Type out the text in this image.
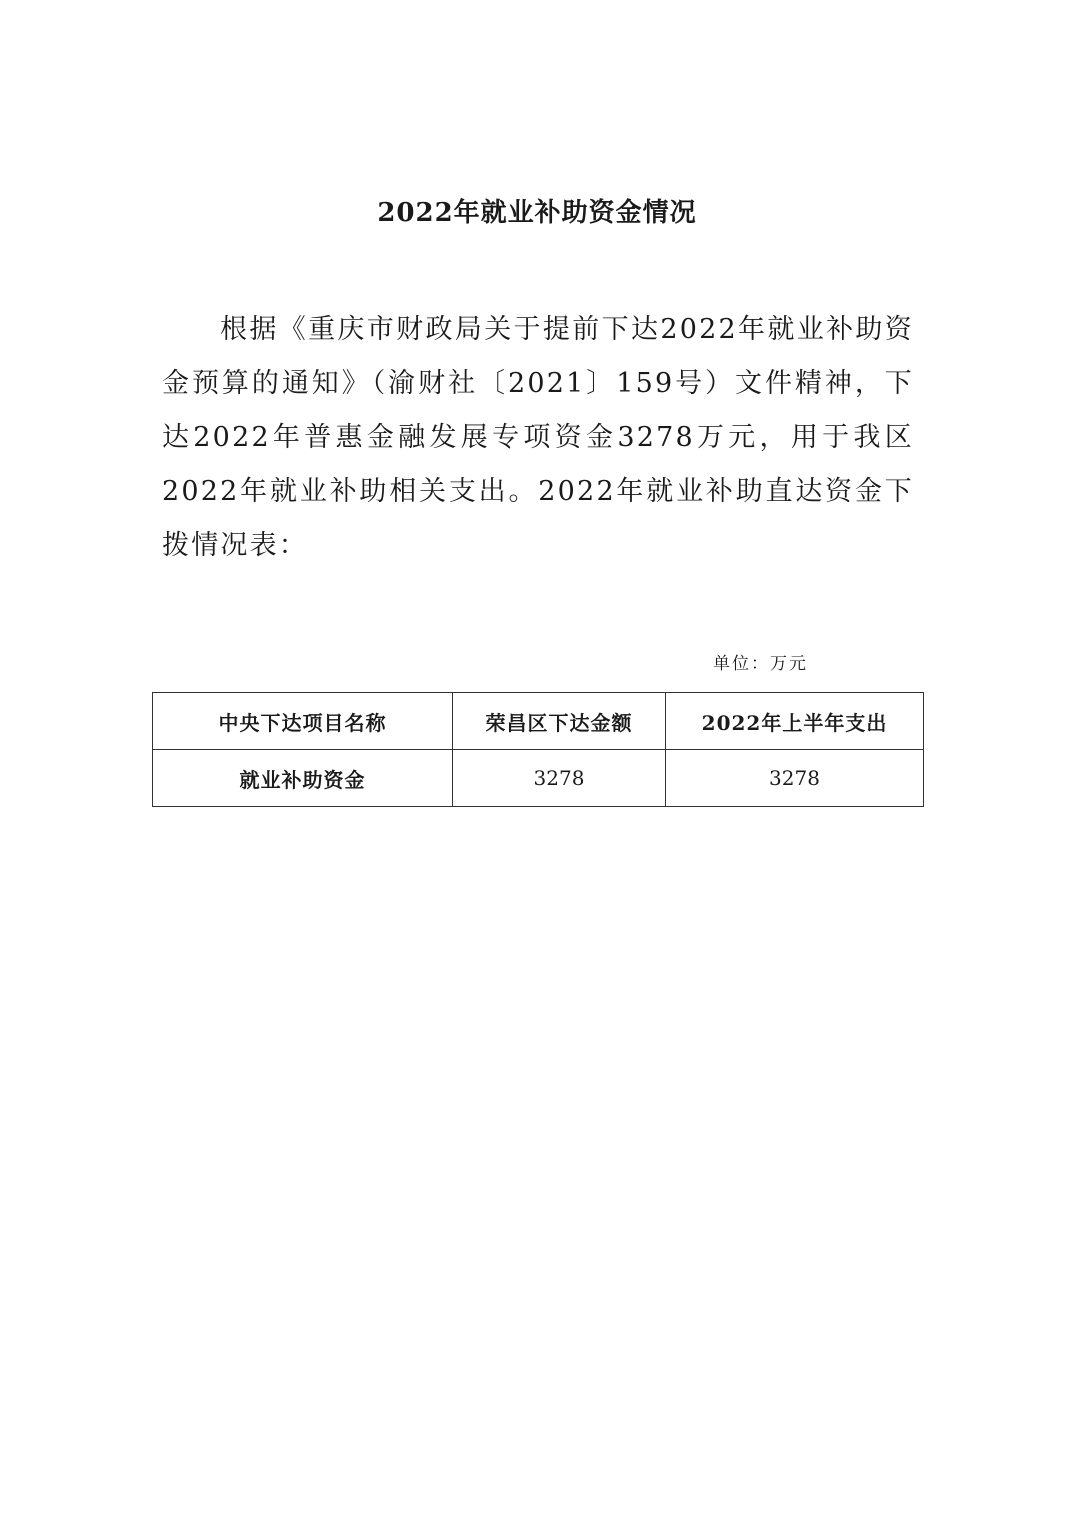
2022年就业补助资金情况

根据《重庆市财政局关于提前下达2022年就业补助资金预算的通知》（渝财社〔2021〕159号）文件精神，下达2022年普惠金融发展专项资金3278万元，用于我区2022年就业补助相关支出。2022年就业补助直达资金下拨情况表：

单位：万元
中央下达项目名称	荣昌区下达金额	2022年上半年支出
就业补助资金	3278	3278
